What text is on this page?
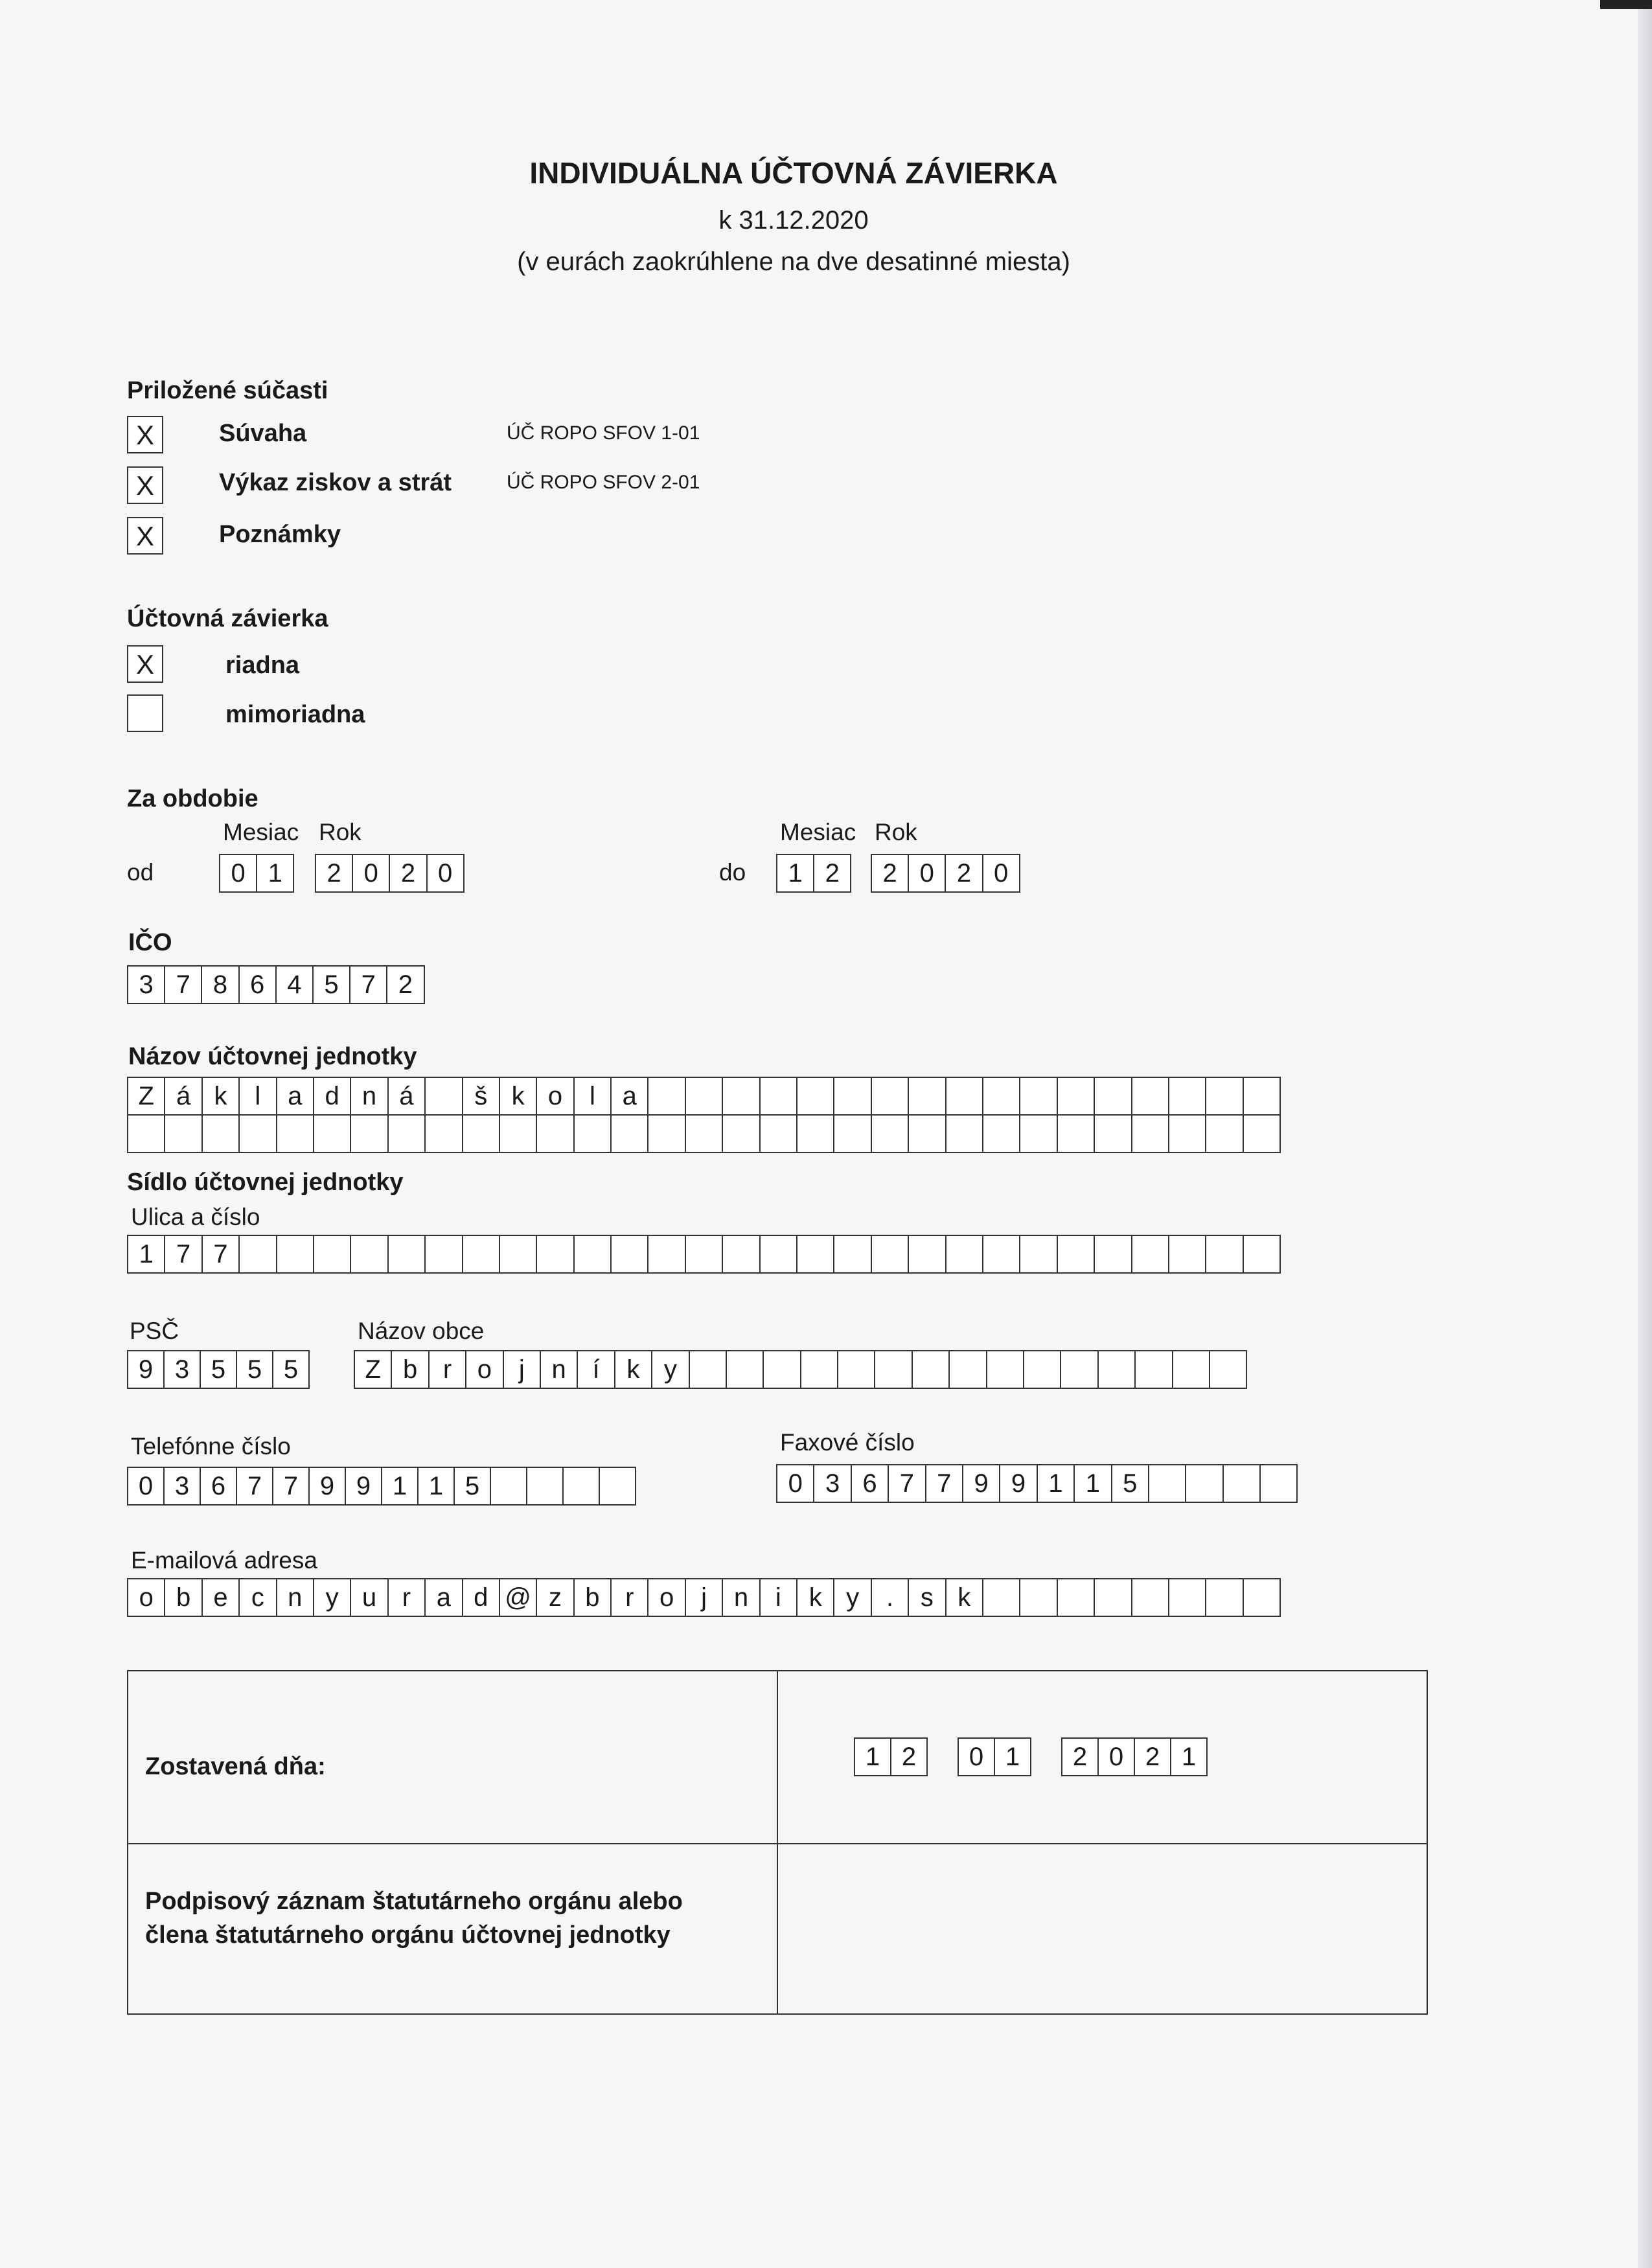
INDIVIDUÁLNA ÚČTOVNÁ ZÁVIERKA
k 31.12.2020
(v eurách zaokrúhlene na dve desatinné miesta)
Priložené súčasti
X	Súvaha	ÚČ ROPO SFOV 1-01
X	Výkaz ziskov a strát	ÚČ ROPO SFOV 2-01
X	Poznámky
Účtovná závierka
X	riadna
mimoriadna
Za obdobie
Mesiac Rok
od	0 1	2 0 2 0
Mesiac Rok
do	1 2	2 0 2 0
IČO
3 7 8 6 4 5 7 2
Názov účtovnej jednotky
Z á k	l	a d n á	š k o	l	a
Sídlo účtovnej jednotky
Ulica a číslo
1 7 7
PSČ
9 3 5 5 5
Názov obce
Z b r o	j	n	í	k y
Telefónne číslo
0 3 6 7 7 9 9 1 1 5
Faxové číslo
0 3 6 7 7 9 9 1 1 5
E-mailová adresa
o b e c n y u r a d @ z b r o	j	n	i	k y	.	s k
Zostavená dňa:	1 2	0 1	2 0 2 1
Podpisový záznam štatutárneho orgánu alebo
člena štatutárneho orgánu účtovnej jednotky
